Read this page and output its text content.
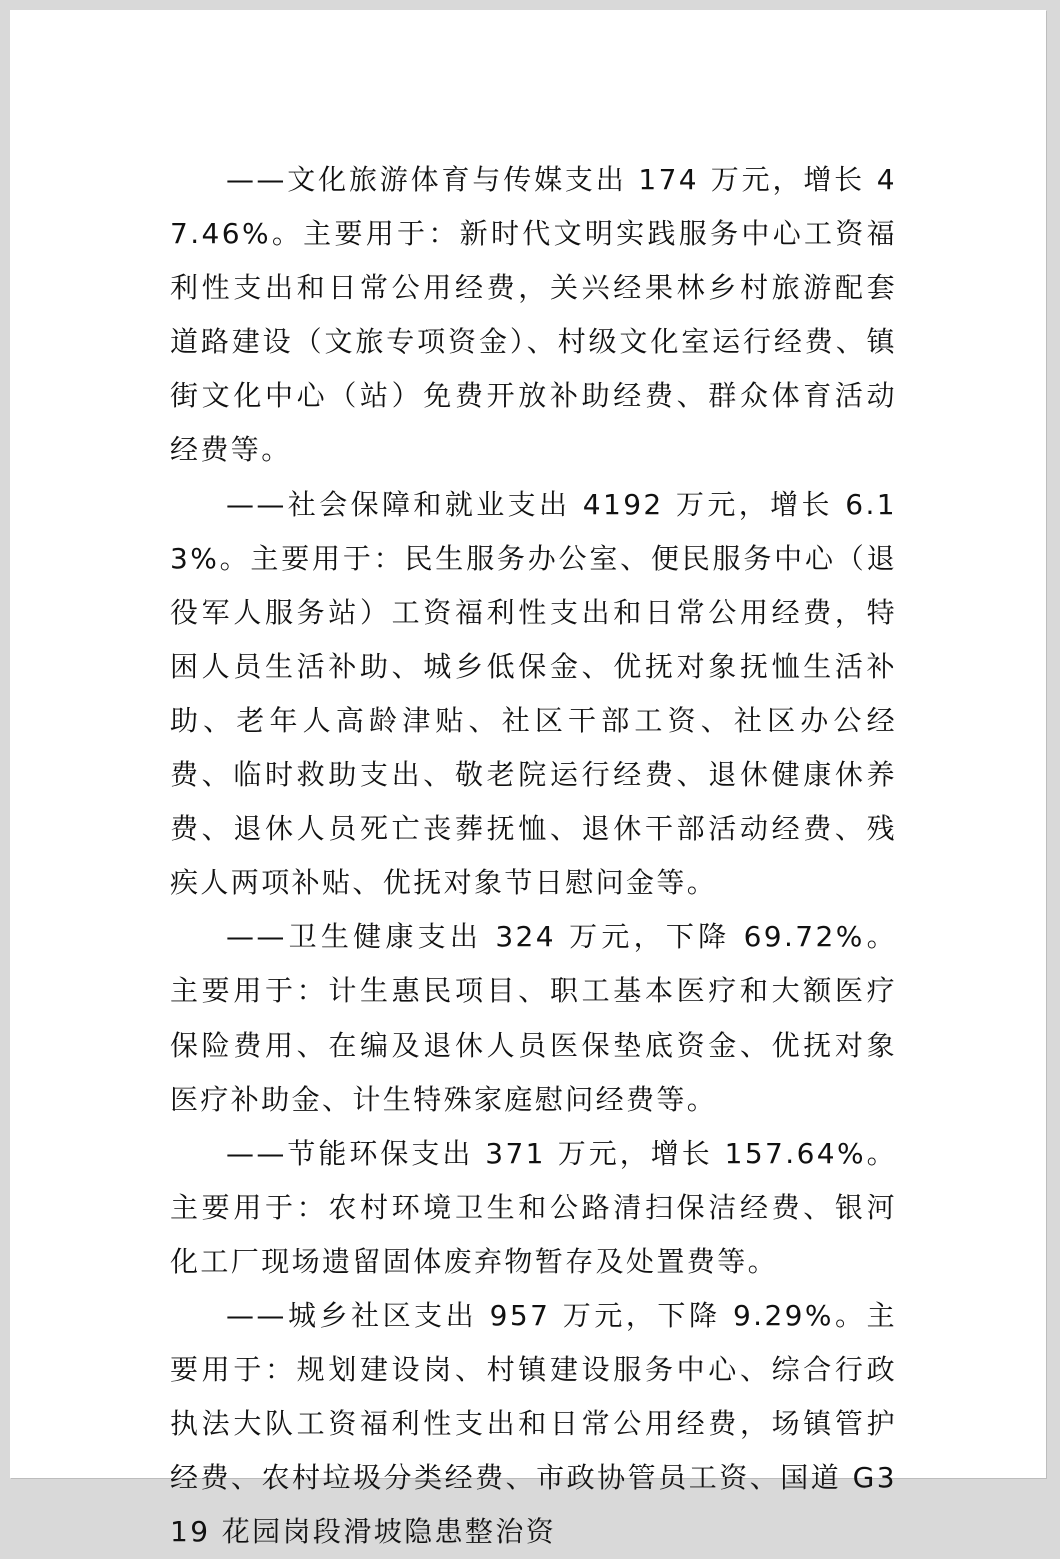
——文化旅游体育与传媒支出 174 万元，增长 47.46%。主要用于：新时代文明实践服务中心工资福利性支出和日常公用经费，关兴经果林乡村旅游配套道路建设（文旅专项资金）、村级文化室运行经费、镇街文化中心（站）免费开放补助经费、群众体育活动经费等。

——社会保障和就业支出 4192 万元，增长 6.13%。主要用于：民生服务办公室、便民服务中心（退役军人服务站）工资福利性支出和日常公用经费，特困人员生活补助、城乡低保金、优抚对象抚恤生活补助、老年人高龄津贴、社区干部工资、社区办公经费、临时救助支出、敬老院运行经费、退休健康休养费、退休人员死亡丧葬抚恤、退休干部活动经费、残疾人两项补贴、优抚对象节日慰问金等。

——卫生健康支出 324 万元，下降 69.72%。主要用于：计生惠民项目、职工基本医疗和大额医疗保险费用、在编及退休人员医保垫底资金、优抚对象医疗补助金、计生特殊家庭慰问经费等。

——节能环保支出 371 万元，增长 157.64%。主要用于：农村环境卫生和公路清扫保洁经费、银河化工厂现场遗留固体废弃物暂存及处置费等。

——城乡社区支出 957 万元，下降 9.29%。主要用于：规划建设岗、村镇建设服务中心、综合行政执法大队工资福利性支出和日常公用经费，场镇管护经费、农村垃圾分类经费、市政协管员工资、国道 G319 花园岗段滑坡隐患整治资
